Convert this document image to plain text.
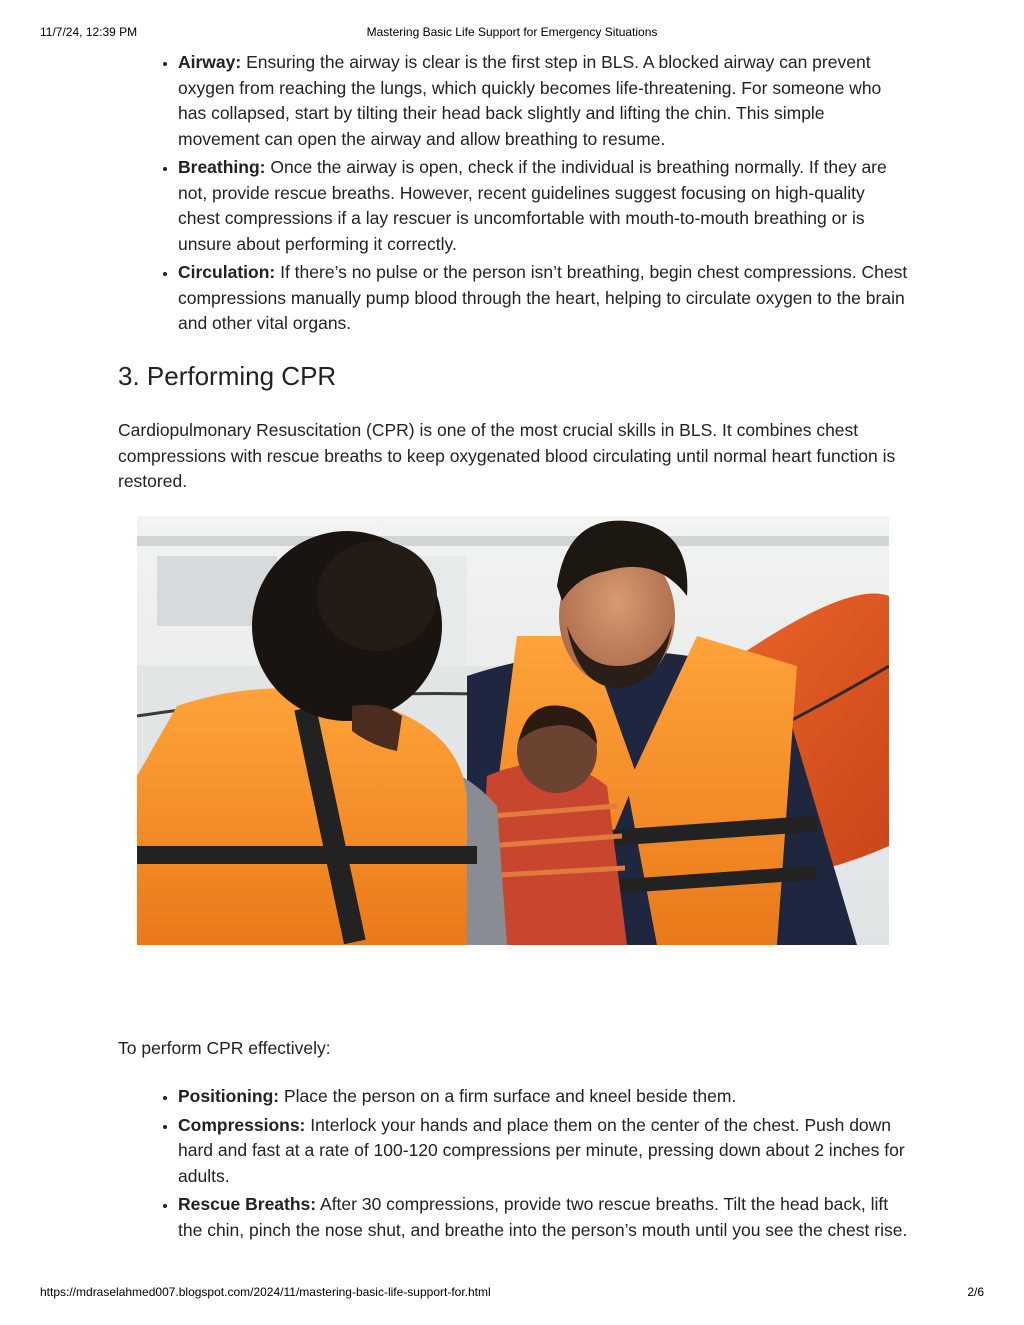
11/7/24, 12:39 PM	Mastering Basic Life Support for Emergency Situations
• Airway: Ensuring the airway is clear is the first step in BLS. A blocked airway can prevent oxygen from reaching the lungs, which quickly becomes life-threatening. For someone who has collapsed, start by tilting their head back slightly and lifting the chin. This simple movement can open the airway and allow breathing to resume.
• Breathing: Once the airway is open, check if the individual is breathing normally. If they are not, provide rescue breaths. However, recent guidelines suggest focusing on high-quality chest compressions if a lay rescuer is uncomfortable with mouth-to-mouth breathing or is unsure about performing it correctly.
• Circulation: If there’s no pulse or the person isn’t breathing, begin chest compressions. Chest compressions manually pump blood through the heart, helping to circulate oxygen to the brain and other vital organs.
3. Performing CPR

Cardiopulmonary Resuscitation (CPR) is one of the most crucial skills in BLS. It combines chest compressions with rescue breaths to keep oxygenated blood circulating until normal heart function is restored.

To perform CPR effectively:

• Positioning: Place the person on a firm surface and kneel beside them.
• Compressions: Interlock your hands and place them on the center of the chest. Push down hard and fast at a rate of 100-120 compressions per minute, pressing down about 2 inches for adults.
• Rescue Breaths: After 30 compressions, provide two rescue breaths. Tilt the head back, lift the chin, pinch the nose shut, and breathe into the person’s mouth until you see the chest rise.
https://mdraselahmed007.blogspot.com/2024/11/mastering-basic-life-support-for.html	2/6
